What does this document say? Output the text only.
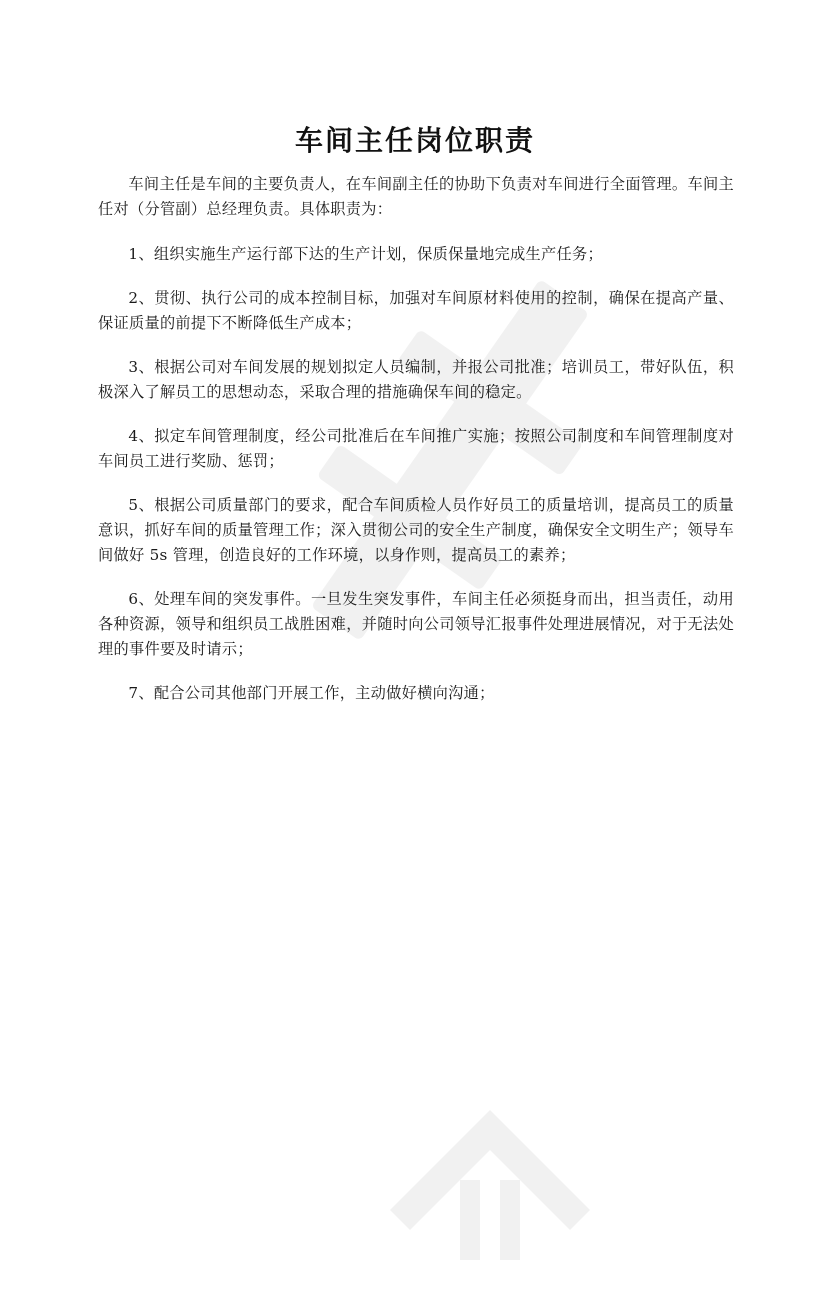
车间主任岗位职责

车间主任是车间的主要负责人，在车间副主任的协助下负责对车间进行全面管理。车间主任对（分管副）总经理负责。具体职责为：

1、组织实施生产运行部下达的生产计划，保质保量地完成生产任务；

2、贯彻、执行公司的成本控制目标，加强对车间原材料使用的控制，确保在提高产量、保证质量的前提下不断降低生产成本；

3、根据公司对车间发展的规划拟定人员编制，并报公司批准；培训员工，带好队伍，积极深入了解员工的思想动态，采取合理的措施确保车间的稳定。

4、拟定车间管理制度，经公司批准后在车间推广实施；按照公司制度和车间管理制度对车间员工进行奖励、惩罚；

5、根据公司质量部门的要求，配合车间质检人员作好员工的质量培训，提高员工的质量意识，抓好车间的质量管理工作；深入贯彻公司的安全生产制度，确保安全文明生产；领导车间做好 5s 管理，创造良好的工作环境，以身作则，提高员工的素养；

6、处理车间的突发事件。一旦发生突发事件，车间主任必须挺身而出，担当责任，动用各种资源，领导和组织员工战胜困难，并随时向公司领导汇报事件处理进展情况，对于无法处理的事件要及时请示；

7、配合公司其他部门开展工作，主动做好横向沟通；
